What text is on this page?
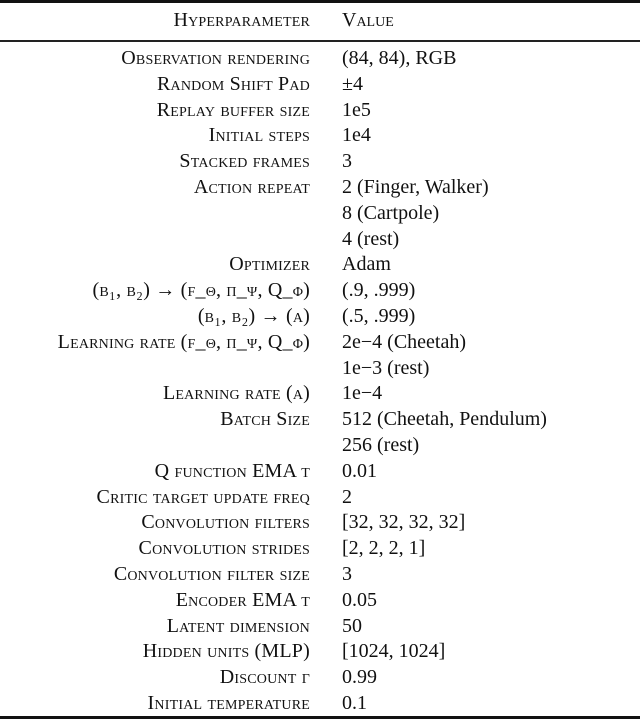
Hyperparameter Value
Observation rendering (84, 84), RGB
Random Shift Pad ±4
Replay buffer size 1e5
Initial steps 1e4
Stacked frames 3
Action repeat 2 (Finger, Walker)
8 (Cartpole)
4 (rest)
Optimizer Adam
(β₁, β₂) → (f_θ, π_ψ, Q_φ) (.9, .999)
(β₁, β₂) → (α) (.5, .999)
Learning rate (f_θ, π_ψ, Q_φ) 2e−4 (Cheetah)
1e−3 (rest)
Learning rate (α) 1e−4
Batch Size 512 (Cheetah, Pendulum)
256 (rest)
Q function EMA τ 0.01
Critic target update freq 2
Convolution filters [32, 32, 32, 32]
Convolution strides [2, 2, 2, 1]
Convolution filter size 3
Encoder EMA τ 0.05
Latent dimension 50
Hidden units (MLP) [1024, 1024]
Discount γ 0.99
Initial temperature 0.1
